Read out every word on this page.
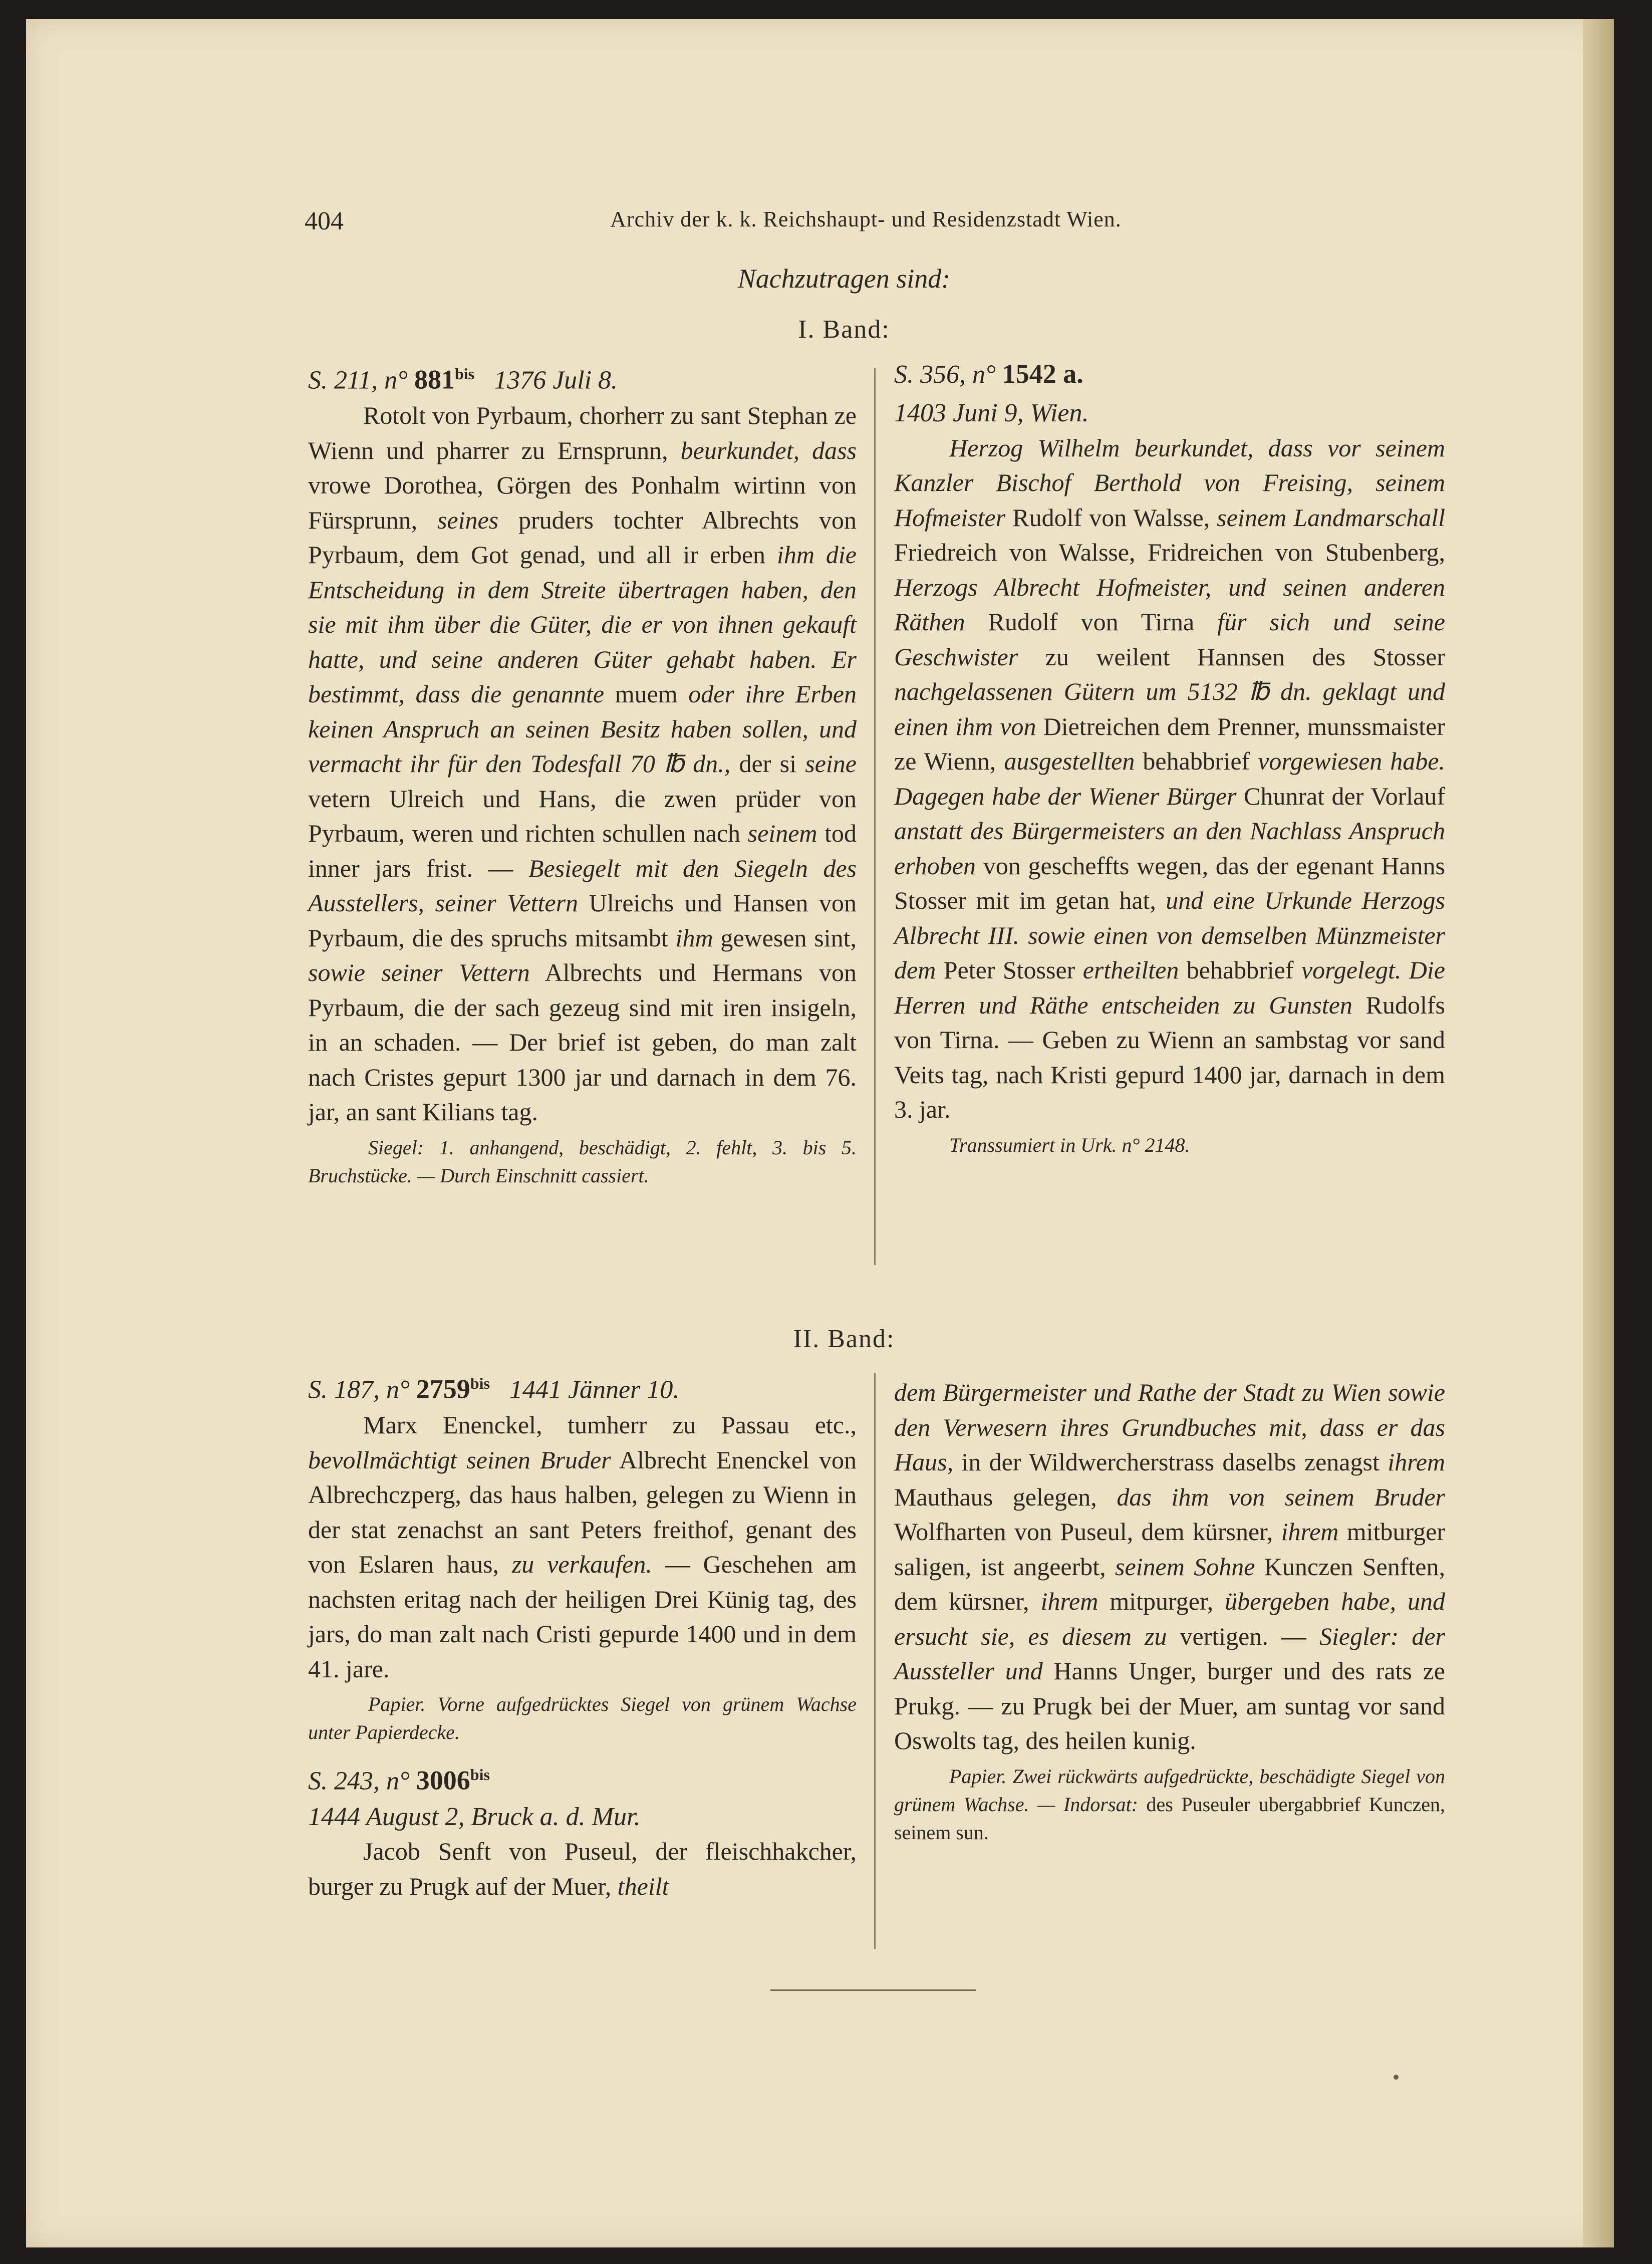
404	Archiv der k. k. Reichshaupt- und Residenzstadt Wien.
Nachzutragen sind:
I. Band:

S. 211, n° $881^{bis}$ 1376 Juli 8.

Rotolt von Pyrbaum, chorherr zu sant Stephan ze Wienn und pharrer zu Ernsprunn, beurkundet, dass vrowe Dorothea, Görgen des Ponhalm wirtinn von Fürsprunn, seines pruders tochter Albrechts von Pyrbaum, dem Got genad, und all ir erben ihm die Entscheidung in dem Streite übertragen haben, den sie mit ihm über die Güter, die er von ihnen gekauft hatte, und seine anderen Güter gehabt haben. Er bestimmt, dass die genannte muem oder ihre Erben keinen Anspruch an seinen Besitz haben sollen, und vermacht ihr für den Todesfall 70 ℔ dn., der si seine vetern Ulreich und Hans, die zwen prüder von Pyrbaum, weren und richten schullen nach seinem tod inner jars frist. — Besiegelt mit den Siegeln des Ausstellers, seiner Vettern Ulreichs und Hansen von Pyrbaum, die des spruchs mitsambt ihm gewesen sint, sowie seiner Vettern Albrechts und Hermans von Pyrbaum, die der sach gezeug sind mit iren insigeln, in an schaden. — Der brief ist geben, do man zalt nach Cristes gepurt 1300 jar und darnach in dem 76. jar, an sant Kilians tag.

Siegel: 1. anhangend, beschädigt, 2. fehlt, 3. bis 5. Bruchstücke. — Durch Einschnitt cassiert.

S. 356, n° 1542 a.

1403 Juni 9, Wien.

Herzog Wilhelm beurkundet, dass vor seinem Kanzler Bischof Berthold von Freising, seinem Hofmeister Rudolf von Walsse, seinem Landmarschall Friedreich von Walsse, Fridreichen von Stubenberg, Herzogs Albrecht Hofmeister, und seinen anderen Räthen Rudolf von Tirna für sich und seine Geschwister zu weilent Hannsen des Stosser nachgelassenen Gütern um 5132 ℔ dn. geklagt und einen ihm von Dietreichen dem Prenner, munssmaister ze Wienn, ausgestellten behabbrief vorgewiesen habe. Dagegen habe der Wiener Bürger Chunrat der Vorlauf anstatt des Bürgermeisters an den Nachlass Anspruch erhoben von gescheffts wegen, das der egenant Hanns Stosser mit im getan hat, und eine Urkunde Herzogs Albrecht III. sowie einen von demselben Münzmeister dem Peter Stosser ertheilten behabbrief vorgelegt. Die Herren und Räthe entscheiden zu Gunsten Rudolfs von Tirna. — Geben zu Wienn an sambstag vor sand Veits tag, nach Kristi gepurd 1400 jar, darnach in dem 3. jar.

Transsumiert in Urk. n° 2148.

II. Band:

S. 187, n° $2759^{bis}$ 1441 Jänner 10.

Marx Enenckel, tumherr zu Passau etc., bevollmächtigt seinen Bruder Albrecht Enenckel von Albrechczperg, das haus halben, gelegen zu Wienn in der stat zenachst an sant Peters freithof, genant des von Eslaren haus, zu verkaufen. — Geschehen am nachsten eritag nach der heiligen Drei Künig tag, des jars, do man zalt nach Cristi gepurde 1400 und in dem 41. jare.

Papier. Vorne aufgedrücktes Siegel von grünem Wachse unter Papierdecke.

S. 243, n° $3006^{bis}$

1444 August 2, Bruck a. d. Mur.

Jacob Senft von Puseul, der fleischhakcher, burger zu Prugk auf der Muer, theilt

dem Bürgermeister und Rathe der Stadt zu Wien sowie den Verwesern ihres Grundbuches mit, dass er das Haus, in der Wildwercherstrass daselbs zenagst ihrem Mauthaus gelegen, das ihm von seinem Bruder Wolfharten von Puseul, dem kürsner, ihrem mitburger saligen, ist angeerbt, seinem Sohne Kunczen Senften, dem kürsner, ihrem mitpurger, übergeben habe, und ersucht sie, es diesem zu vertigen. — Siegler: der Aussteller und Hanns Unger, burger und des rats ze Prukg. — zu Prugk bei der Muer, am suntag vor sand Oswolts tag, des heilen kunig.

Papier. Zwei rückwärts aufgedrückte, beschädigte Siegel von grünem Wachse. — Indorsat: des Puseuler ubergabbrief Kunczen, seinem sun.
